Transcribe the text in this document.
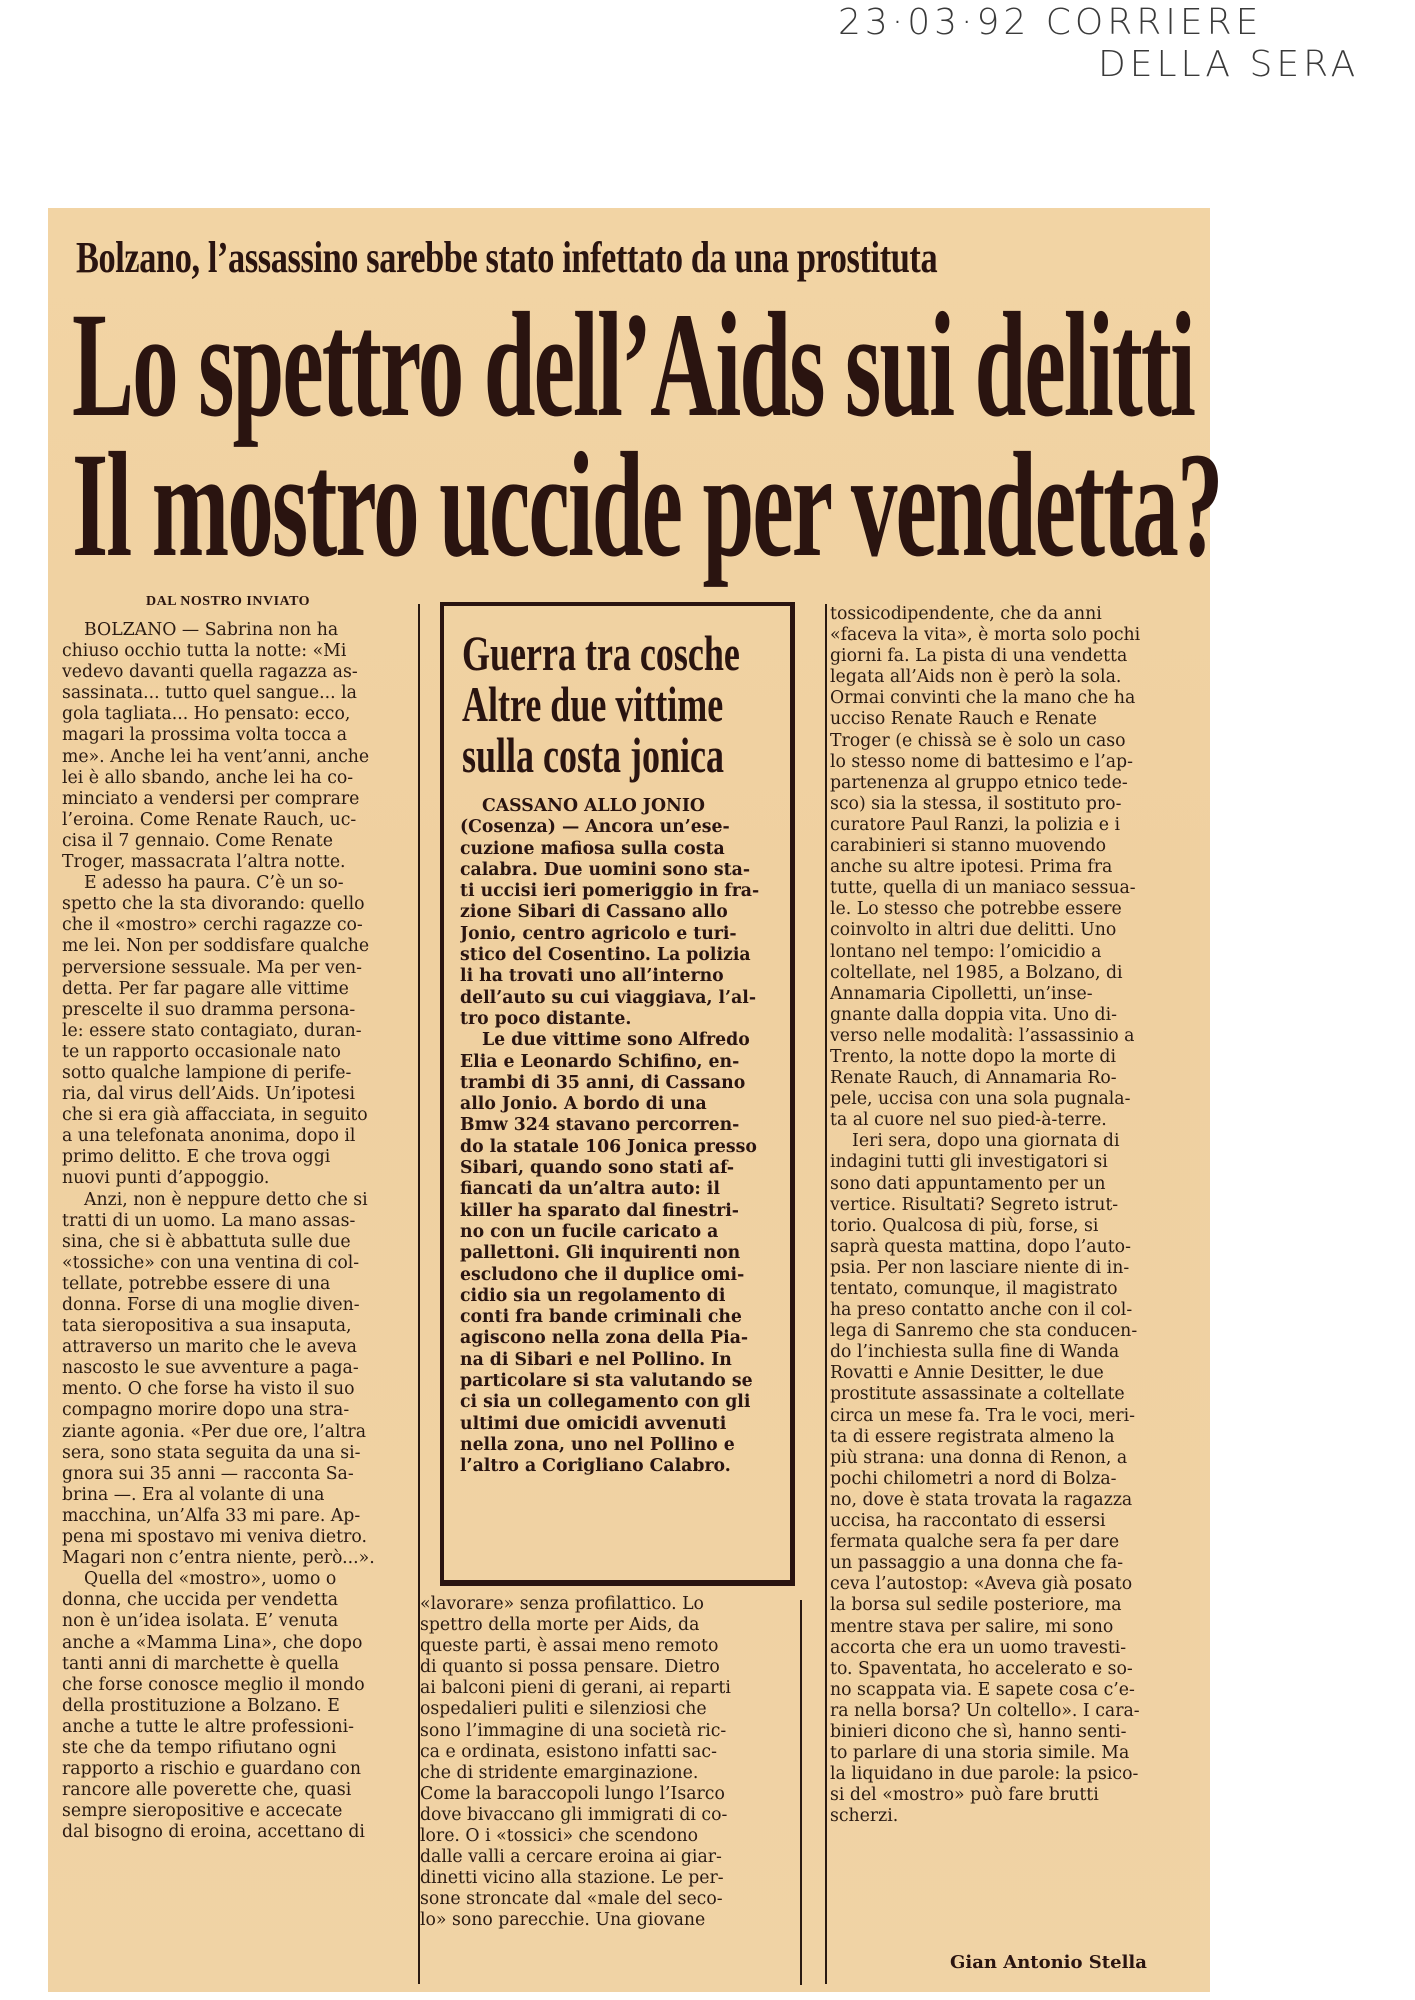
23·03·92 CORRIERE
DELLA SERA
Bolzano, l’assassino sarebbe stato infettato da una prostituta
Lo spettro dell’Aids sui delitti
Il mostro uccide per vendetta?
DAL NOSTRO INVIATO
BOLZANO — Sabrina non ha
chiuso occhio tutta la notte: «Mi
vedevo davanti quella ragazza as-
sassinata... tutto quel sangue... la
gola tagliata... Ho pensato: ecco,
magari la prossima volta tocca a
me». Anche lei ha vent’anni, anche
lei è allo sbando, anche lei ha co-
minciato a vendersi per comprare
l’eroina. Come Renate Rauch, uc-
cisa il 7 gennaio. Come Renate
Troger, massacrata l’altra notte.
E adesso ha paura. C’è un so-
spetto che la sta divorando: quello
che il «mostro» cerchi ragazze co-
me lei. Non per soddisfare qualche
perversione sessuale. Ma per ven-
detta. Per far pagare alle vittime
prescelte il suo dramma persona-
le: essere stato contagiato, duran-
te un rapporto occasionale nato
sotto qualche lampione di perife-
ria, dal virus dell’Aids. Un’ipotesi
che si era già affacciata, in seguito
a una telefonata anonima, dopo il
primo delitto. E che trova oggi
nuovi punti d’appoggio.
Anzi, non è neppure detto che si
tratti di un uomo. La mano assas-
sina, che si è abbattuta sulle due
«tossiche» con una ventina di col-
tellate, potrebbe essere di una
donna. Forse di una moglie diven-
tata sieropositiva a sua insaputa,
attraverso un marito che le aveva
nascosto le sue avventure a paga-
mento. O che forse ha visto il suo
compagno morire dopo una stra-
ziante agonia. «Per due ore, l’altra
sera, sono stata seguita da una si-
gnora sui 35 anni — racconta Sa-
brina —. Era al volante di una
macchina, un’Alfa 33 mi pare. Ap-
pena mi spostavo mi veniva dietro.
Magari non c’entra niente, però...».
Quella del «mostro», uomo o
donna, che uccida per vendetta
non è un’idea isolata. E’ venuta
anche a «Mamma Lina», che dopo
tanti anni di marchette è quella
che forse conosce meglio il mondo
della prostituzione a Bolzano. E
anche a tutte le altre professioni-
ste che da tempo rifiutano ogni
rapporto a rischio e guardano con
rancore alle poverette che, quasi
sempre sieropositive e accecate
dal bisogno di eroina, accettano di
Guerra tra cosche
Altre due vittime
sulla costa jonica
CASSANO ALLO JONIO
(Cosenza) — Ancora un’ese-
cuzione mafiosa sulla costa
calabra. Due uomini sono sta-
ti uccisi ieri pomeriggio in fra-
zione Sibari di Cassano allo
Jonio, centro agricolo e turi-
stico del Cosentino. La polizia
li ha trovati uno all’interno
dell’auto su cui viaggiava, l’al-
tro poco distante.
Le due vittime sono Alfredo
Elia e Leonardo Schifino, en-
trambi di 35 anni, di Cassano
allo Jonio. A bordo di una
Bmw 324 stavano percorren-
do la statale 106 Jonica presso
Sibari, quando sono stati af-
fiancati da un’altra auto: il
killer ha sparato dal finestri-
no con un fucile caricato a
pallettoni. Gli inquirenti non
escludono che il duplice omi-
cidio sia un regolamento di
conti fra bande criminali che
agiscono nella zona della Pia-
na di Sibari e nel Pollino. In
particolare si sta valutando se
ci sia un collegamento con gli
ultimi due omicidi avvenuti
nella zona, uno nel Pollino e
l’altro a Corigliano Calabro.
«lavorare» senza profilattico. Lo
spettro della morte per Aids, da
queste parti, è assai meno remoto
di quanto si possa pensare. Dietro
ai balconi pieni di gerani, ai reparti
ospedalieri puliti e silenziosi che
sono l’immagine di una società ric-
ca e ordinata, esistono infatti sac-
che di stridente emarginazione.
Come la baraccopoli lungo l’Isarco
dove bivaccano gli immigrati di co-
lore. O i «tossici» che scendono
dalle valli a cercare eroina ai giar-
dinetti vicino alla stazione. Le per-
sone stroncate dal «male del seco-
lo» sono parecchie. Una giovane
tossicodipendente, che da anni
«faceva la vita», è morta solo pochi
giorni fa. La pista di una vendetta
legata all’Aids non è però la sola.
Ormai convinti che la mano che ha
ucciso Renate Rauch e Renate
Troger (e chissà se è solo un caso
lo stesso nome di battesimo e l’ap-
partenenza al gruppo etnico tede-
sco) sia la stessa, il sostituto pro-
curatore Paul Ranzi, la polizia e i
carabinieri si stanno muovendo
anche su altre ipotesi. Prima fra
tutte, quella di un maniaco sessua-
le. Lo stesso che potrebbe essere
coinvolto in altri due delitti. Uno
lontano nel tempo: l’omicidio a
coltellate, nel 1985, a Bolzano, di
Annamaria Cipolletti, un’inse-
gnante dalla doppia vita. Uno di-
verso nelle modalità: l’assassinio a
Trento, la notte dopo la morte di
Renate Rauch, di Annamaria Ro-
pele, uccisa con una sola pugnala-
ta al cuore nel suo pied-à-terre.
Ieri sera, dopo una giornata di
indagini tutti gli investigatori si
sono dati appuntamento per un
vertice. Risultati? Segreto istrut-
torio. Qualcosa di più, forse, si
saprà questa mattina, dopo l’auto-
psia. Per non lasciare niente di in-
tentato, comunque, il magistrato
ha preso contatto anche con il col-
lega di Sanremo che sta conducen-
do l’inchiesta sulla fine di Wanda
Rovatti e Annie Desitter, le due
prostitute assassinate a coltellate
circa un mese fa. Tra le voci, meri-
ta di essere registrata almeno la
più strana: una donna di Renon, a
pochi chilometri a nord di Bolza-
no, dove è stata trovata la ragazza
uccisa, ha raccontato di essersi
fermata qualche sera fa per dare
un passaggio a una donna che fa-
ceva l’autostop: «Aveva già posato
la borsa sul sedile posteriore, ma
mentre stava per salire, mi sono
accorta che era un uomo travesti-
to. Spaventata, ho accelerato e so-
no scappata via. E sapete cosa c’e-
ra nella borsa? Un coltello». I cara-
binieri dicono che sì, hanno senti-
to parlare di una storia simile. Ma
la liquidano in due parole: la psico-
si del «mostro» può fare brutti
scherzi.
Gian Antonio Stella
